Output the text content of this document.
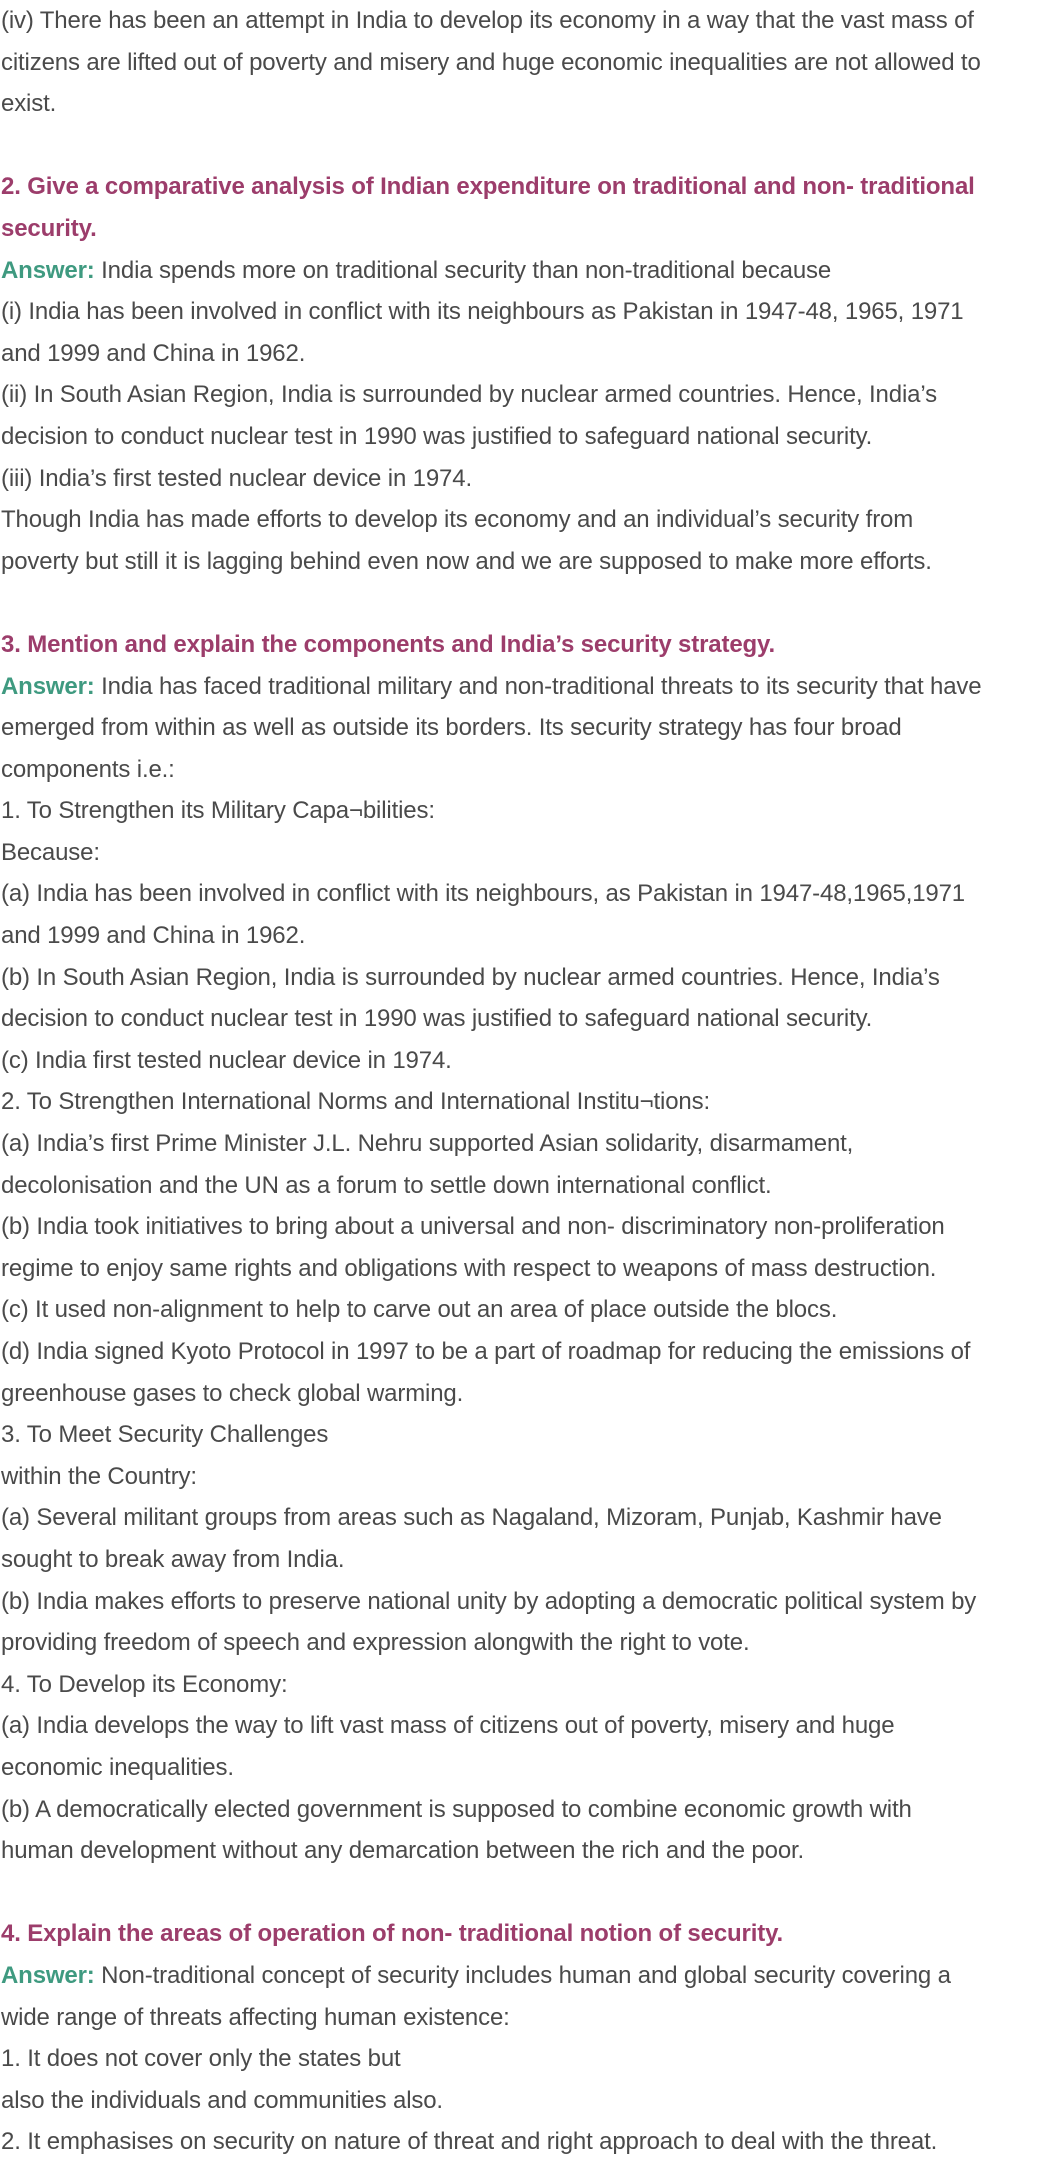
(iv) There has been an attempt in India to develop its economy in a way that the vast mass of

citizens are lifted out of poverty and misery and huge economic inequalities are not allowed to

exist.

2. Give a comparative analysis of Indian expenditure on traditional and non- traditional

security.

Answer: India spends more on traditional security than non-traditional because

(i) India has been involved in conflict with its neighbours as Pakistan in 1947-48, 1965, 1971

and 1999 and China in 1962.

(ii) In South Asian Region, India is surrounded by nuclear armed countries. Hence, India’s

decision to conduct nuclear test in 1990 was justified to safeguard national security.

(iii) India’s first tested nuclear device in 1974.

Though India has made efforts to develop its economy and an individual’s security from

poverty but still it is lagging behind even now and we are supposed to make more efforts.

3. Mention and explain the components and India’s security strategy.

Answer: India has faced traditional military and non-traditional threats to its security that have

emerged from within as well as outside its borders. Its security strategy has four broad

components i.e.:

1. To Strengthen its Military Capa¬bilities:

Because:

(a) India has been involved in conflict with its neighbours, as Pakistan in 1947-48,1965,1971

and 1999 and China in 1962.

(b) In South Asian Region, India is surrounded by nuclear armed countries. Hence, India’s

decision to conduct nuclear test in 1990 was justified to safeguard national security.

(c) India first tested nuclear device in 1974.

2. To Strengthen International Norms and International Institu¬tions:

(a) India’s first Prime Minister J.L. Nehru supported Asian solidarity, disarmament,

decolonisation and the UN as a forum to settle down international conflict.

(b) India took initiatives to bring about a universal and non- discriminatory non-proliferation

regime to enjoy same rights and obligations with respect to weapons of mass destruction.

(c) It used non-alignment to help to carve out an area of place outside the blocs.

(d) India signed Kyoto Protocol in 1997 to be a part of roadmap for reducing the emissions of

greenhouse gases to check global warming.

3. To Meet Security Challenges

within the Country:

(a) Several militant groups from areas such as Nagaland, Mizoram, Punjab, Kashmir have

sought to break away from India.

(b) India makes efforts to preserve national unity by adopting a democratic political system by

providing freedom of speech and expression alongwith the right to vote.

4. To Develop its Economy:

(a) India develops the way to lift vast mass of citizens out of poverty, misery and huge

economic inequalities.

(b) A democratically elected government is supposed to combine economic growth with

human development without any demarcation between the rich and the poor.

4. Explain the areas of operation of non- traditional notion of security.

Answer: Non-traditional concept of security includes human and global security covering a

wide range of threats affecting human existence:

1. It does not cover only the states but

also the individuals and communities also.

2. It emphasises on security on nature of threat and right approach to deal with the threat.
